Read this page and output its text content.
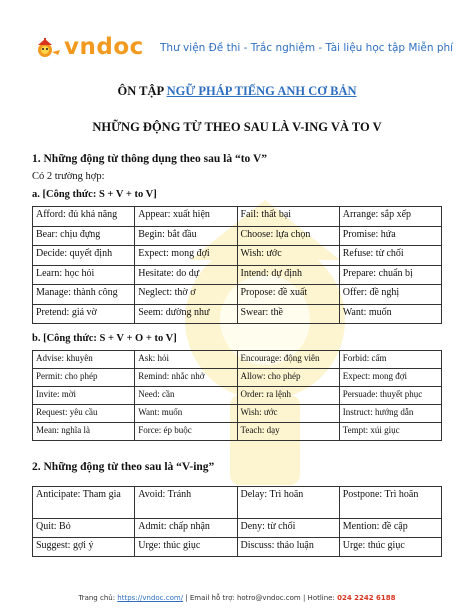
vndoc Thư viện Đề thi - Trắc nghiệm - Tài liệu học tập Miễn phí
ÔN TẬP NGỮ PHÁP TIẾNG ANH CƠ BẢN
NHỮNG ĐỘNG TỪ THEO SAU LÀ V-ING VÀ TO V
1. Những động từ thông dụng theo sau là “to V”
Có 2 trường hợp:
a. [Công thức: S + V + to V]
Afford: đủ khả năng	Appear: xuất hiện	Fail: thất bại	Arrange: sắp xếp
Bear: chịu đựng	Begin: bắt đầu	Choose: lựa chọn	Promise: hứa
Decide: quyết định	Expect: mong đợi	Wish: ước	Refuse: từ chối
Learn: học hỏi	Hesitate: do dự	Intend: dự định	Prepare: chuẩn bị
Manage: thành công	Neglect: thờ ơ	Propose: đề xuất	Offer: đề nghị
Pretend: giả vờ	Seem: dường như	Swear: thề	Want: muốn
b. [Công thức: S + V + O + to V]
Advise: khuyên	Ask: hỏi	Encourage: động viên	Forbid: cấm
Permit: cho phép	Remind: nhắc nhở	Allow: cho phép	Expect: mong đợi
Invite: mời	Need: cần	Order: ra lệnh	Persuade: thuyết phục
Request: yêu cầu	Want: muốn	Wish: ước	Instruct: hướng dẫn
Mean: nghĩa là	Force: ép buộc	Teach: dạy	Tempt: xúi giục
2. Những động từ theo sau là “V-ing”
Anticipate: Tham gia	Avoid: Tránh	Delay: Trì hoãn	Postpone: Trì hoãn
Quit: Bỏ	Admit: chấp nhận	Deny: từ chối	Mention: đề cập
Suggest: gợi ý	Urge: thúc giục	Discuss: thảo luận	Urge: thúc giục
Trang chủ: https://vndoc.com/ | Email hỗ trợ: hotro@vndoc.com | Hotline: 024 2242 6188
